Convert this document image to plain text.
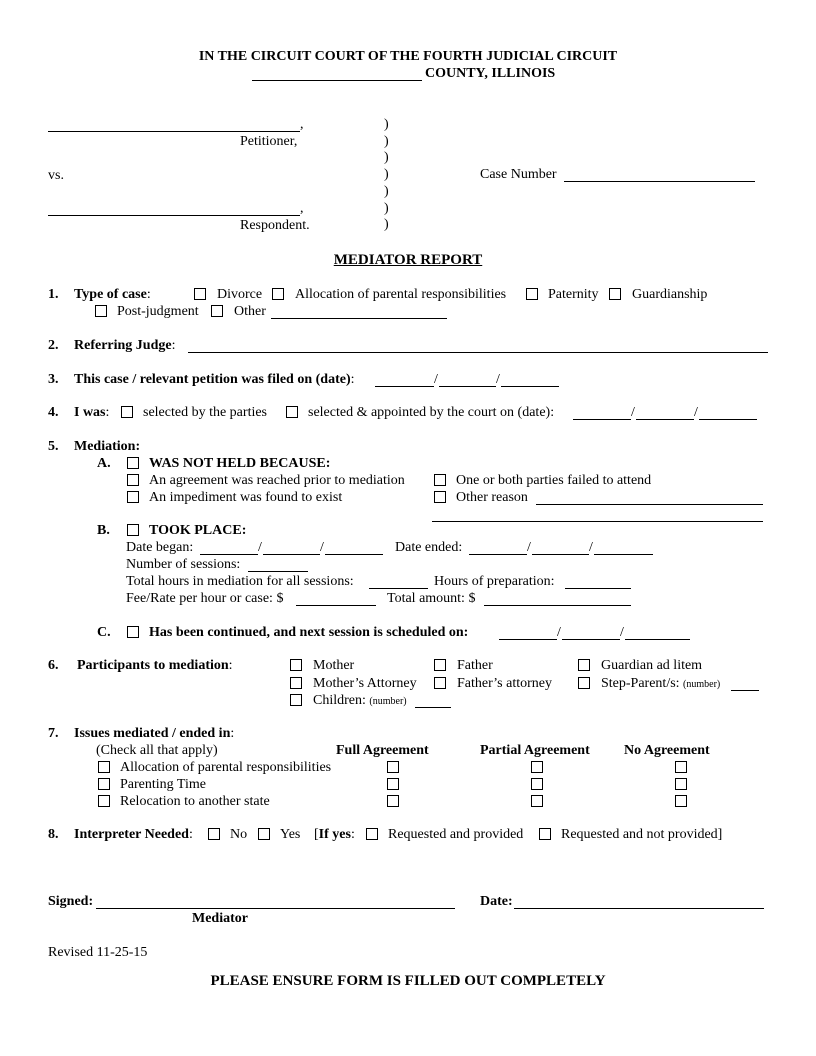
IN THE CIRCUIT COURT OF THE FOURTH JUDICIAL CIRCUIT
COUNTY, ILLINOIS
,
Petitioner,
vs.
,
Respondent.
)
)
)
)
)
)
)
Case Number
MEDIATOR REPORT
1. Type of case:	Divorce Allocation of parental responsibilities	Paternity Guardianship
Post-judgment	Other
2. Referring Judge:
3. This case / relevant petition was filed on (date):	/	/
4. I was: selected by the parties	selected & appointed by the court on (date):	/	/
5. Mediation:
A.	WAS NOT HELD BECAUSE:
An agreement was reached prior to mediation
An impediment was found to exist
One or both parties failed to attend
Other reason
B.	TOOK PLACE:
Date began:	/	/	Date ended:	/	/
Number of sessions:
Total hours in mediation for all sessions:	Hours of preparation:
Fee/Rate per hour or case: $	Total amount: $
C.	Has been continued, and next session is scheduled on:	/	/
6. Participants to mediation:	Mother	Father	Guardian ad litem
Mother’s Attorney	Father’s attorney	Step-Parent/s: (number)
Children: (number)
7. Issues mediated / ended in:
(Check all that apply)	Full Agreement	Partial Agreement No Agreement
Allocation of parental responsibilities
Parenting Time
Relocation to another state
8. Interpreter Needed:	No Yes [If yes: Requested and provided	Requested and not provided]
Signed:
Mediator
Date:
Revised 11-25-15
PLEASE ENSURE FORM IS FILLED OUT COMPLETELY
